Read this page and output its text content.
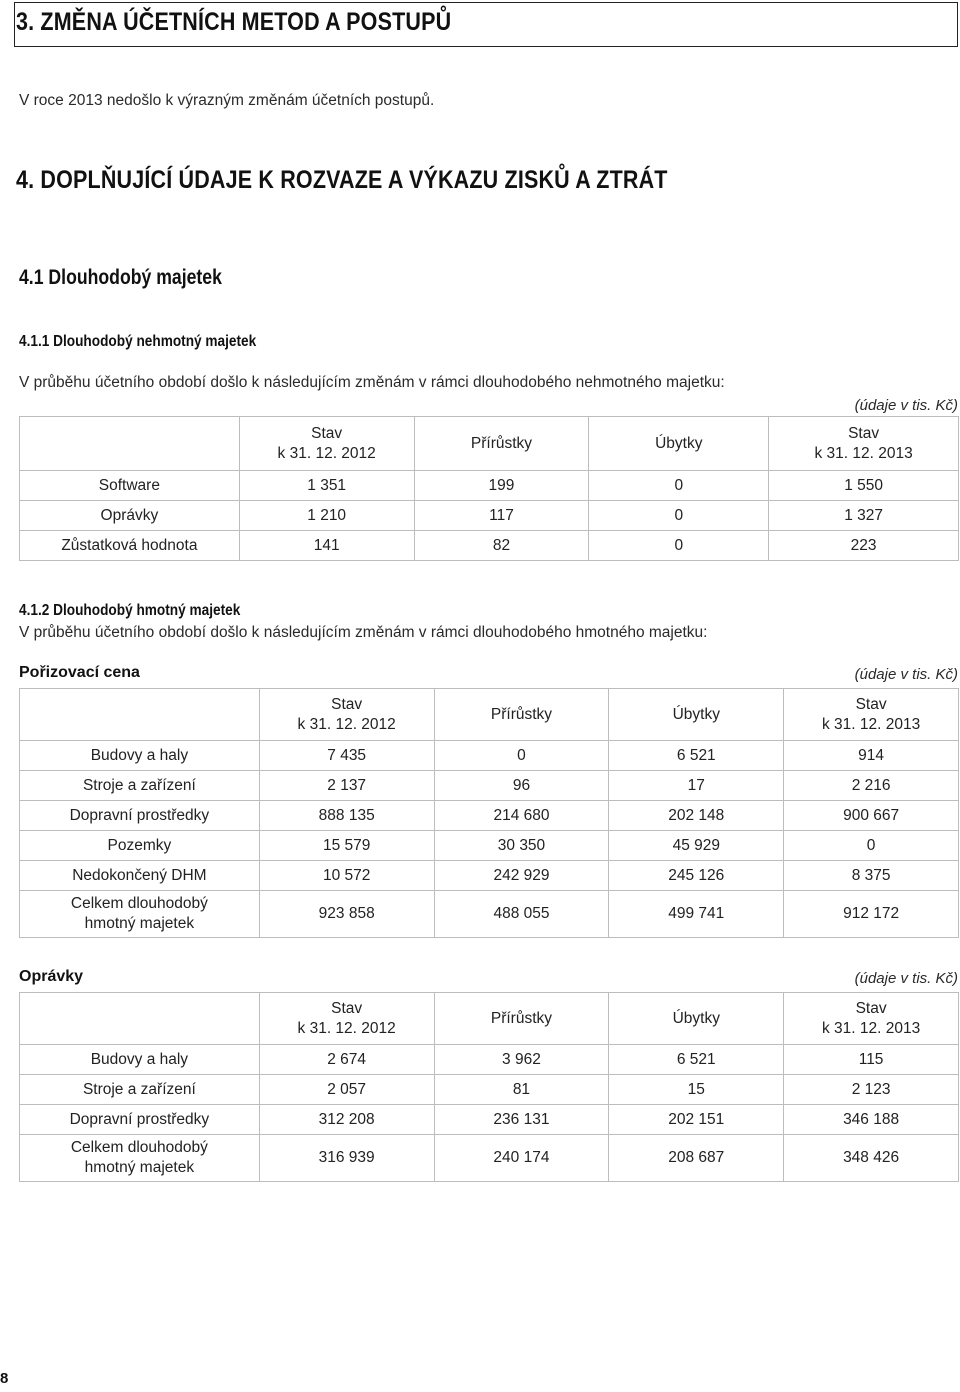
3. ZMĚNA ÚČETNÍCH METOD A POSTUPŮ
V roce 2013 nedošlo k výrazným změnám účetních postupů.
4. DOPLŇUJÍCÍ ÚDAJE K ROZVAZE A VÝKAZU ZISKŮ A ZTRÁT
4.1 Dlouhodobý majetek
4.1.1 Dlouhodobý nehmotný majetek
V průběhu účetního období došlo k následujícím změnám v rámci dlouhodobého nehmotného majetku:
(údaje v tis. Kč)
	Stav
k 31. 12. 2012	Přírůstky	Úbytky	Stav
k 31. 12. 2013
Software	1 351	199	0	1 550
Oprávky	1 210	117	0	1 327
Zůstatková hodnota	141	82	0	223
4.1.2 Dlouhodobý hmotný majetek
V průběhu účetního období došlo k následujícím změnám v rámci dlouhodobého hmotného majetku:
Pořizovací cena	(údaje v tis. Kč)
	Stav
k 31. 12. 2012	Přírůstky	Úbytky	Stav
k 31. 12. 2013
Budovy a haly	7 435	0	6 521	914
Stroje a zařízení	2 137	96	17	2 216
Dopravní prostředky	888 135	214 680	202 148	900 667
Pozemky	15 579	30 350	45 929	0
Nedokončený DHM	10 572	242 929	245 126	8 375
Celkem dlouhodobý
hmotný majetek	923 858	488 055	499 741	912 172
Oprávky	(údaje v tis. Kč)
	Stav
k 31. 12. 2012	Přírůstky	Úbytky	Stav
k 31. 12. 2013
Budovy a haly	2 674	3 962	6 521	115
Stroje a zařízení	2 057	81	15	2 123
Dopravní prostředky	312 208	236 131	202 151	346 188
Celkem dlouhodobý
hmotný majetek	316 939	240 174	208 687	348 426
8
